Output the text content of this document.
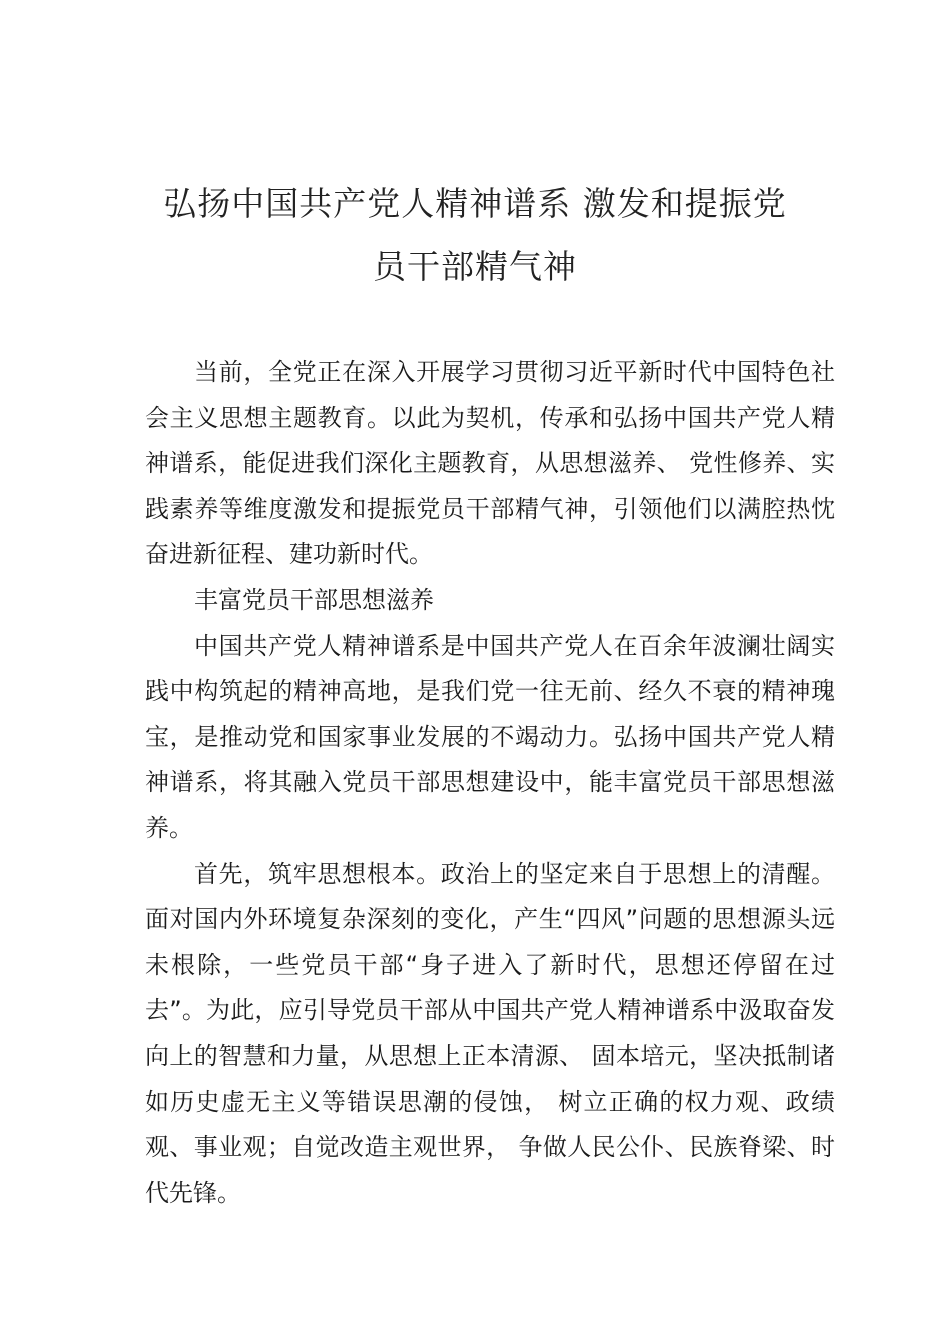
弘扬中国共产党人精神谱系 激发和提振党
员干部精气神

当前，全党正在深入开展学习贯彻习近平新时代中国特色社会主义思想主题教育。以此为契机，传承和弘扬中国共产党人精神谱系，能促进我们深化主题教育，从思想滋养、 党性修养、实践素养等维度激发和提振党员干部精气神，引领他们以满腔热忱奋进新征程、建功新时代。

丰富党员干部思想滋养

中国共产党人精神谱系是中国共产党人在百余年波澜壮阔实践中构筑起的精神高地，是我们党一往无前、经久不衰的精神瑰宝，是推动党和国家事业发展的不竭动力。弘扬中国共产党人精神谱系，将其融入党员干部思想建设中，能丰富党员干部思想滋养。

首先，筑牢思想根本。政治上的坚定来自于思想上的清醒。面对国内外环境复杂深刻的变化，产生“四风”问题的思想源头远未根除，一些党员干部“身子进入了新时代，思想还停留在过去”。为此，应引导党员干部从中国共产党人精神谱系中汲取奋发向上的智慧和力量，从思想上正本清源、 固本培元，坚决抵制诸如历史虚无主义等错误思潮的侵蚀， 树立正确的权力观、政绩观、事业观；自觉改造主观世界， 争做人民公仆、民族脊梁、时代先锋。
